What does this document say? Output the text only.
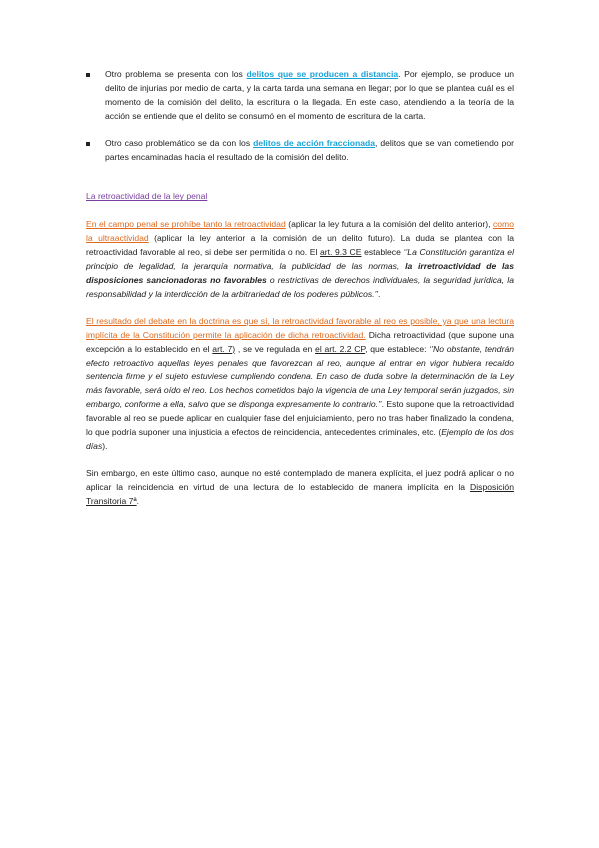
Otro problema se presenta con los delitos que se producen a distancia. Por ejemplo, se produce un delito de injurias por medio de carta, y la carta tarda una semana en llegar; por lo que se plantea cuál es el momento de la comisión del delito, la escritura o la llegada. En este caso, atendiendo a la teoría de la acción se entiende que el delito se consumó en el momento de escritura de la carta.
Otro caso problemático se da con los delitos de acción fraccionada, delitos que se van cometiendo por partes encaminadas hacia el resultado de la comisión del delito.
La retroactividad de la ley penal

En el campo penal se prohíbe tanto la retroactividad (aplicar la ley futura a la comisión del delito anterior), como la ultraactividad (aplicar la ley anterior a la comisión de un delito futuro). La duda se plantea con la retroactividad favorable al reo, si debe ser permitida o no. El art. 9.3 CE establece ‘’La Constitución garantiza el principio de legalidad, la jerarquía normativa, la publicidad de las normas, la irretroactividad de las disposiciones sancionadoras no favorables o restrictivas de derechos individuales, la seguridad jurídica, la responsabilidad y la interdicción de la arbitrariedad de los poderes públicos.’’.

El resultado del debate en la doctrina es que sí, la retroactividad favorable al reo es posible, ya que una lectura implícita de la Constitución permite la aplicación de dicha retroactividad. Dicha retroactividad (que supone una excepción a lo establecido en el art. 7) , se ve regulada en el art. 2.2 CP, que establece: ‘’No obstante, tendrán efecto retroactivo aquellas leyes penales que favorezcan al reo, aunque al entrar en vigor hubiera recaído sentencia firme y el sujeto estuviese cumpliendo condena. En caso de duda sobre la determinación de la Ley más favorable, será oído el reo. Los hechos cometidos bajo la vigencia de una Ley temporal serán juzgados, sin embargo, conforme a ella, salvo que se disponga expresamente lo contrario.’’. Esto supone que la retroactividad favorable al reo se puede aplicar en cualquier fase del enjuiciamiento, pero no tras haber finalizado la condena, lo que podría suponer una injusticia a efectos de reincidencia, antecedentes criminales, etc. (Ejemplo de los dos días).

Sin embargo, en este último caso, aunque no esté contemplado de manera explícita, el juez podrá aplicar o no aplicar la reincidencia en virtud de una lectura de lo establecido de manera implícita en la Disposición Transitoria 7ª.
